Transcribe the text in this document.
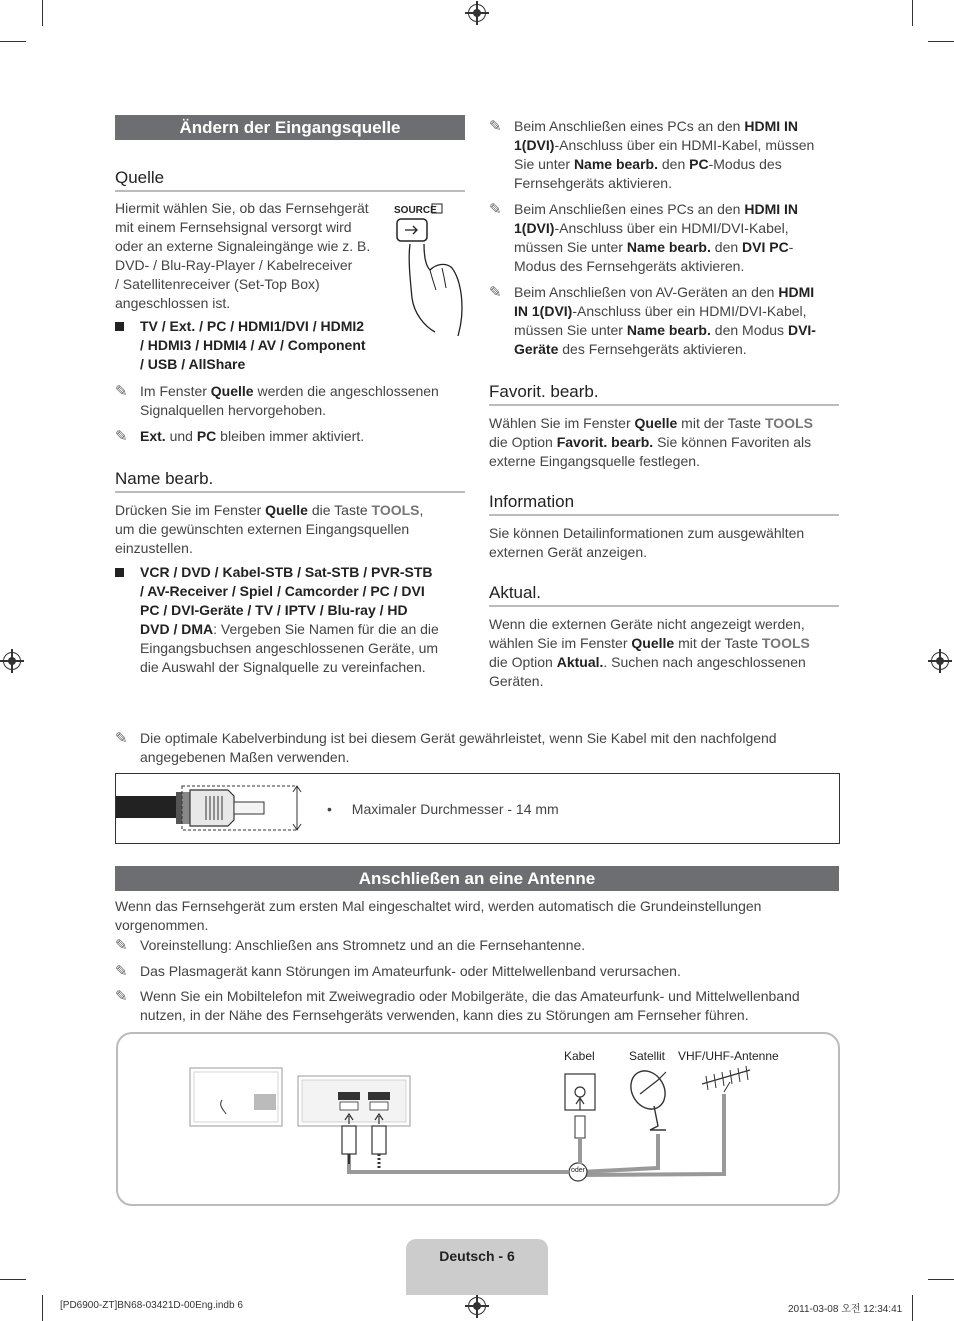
Ändern der Eingangsquelle
Quelle
Hiermit wählen Sie, ob das Fernsehgerät
mit einem Fernsehsignal versorgt wird
oder an externe Signaleingänge wie z. B.
DVD- / Blu-Ray-Player / Kabelreceiver
/ Satellitenreceiver (Set-Top Box)
angeschlossen ist.
SOURCE
TV / Ext. / PC / HDMI1/DVI / HDMI2
/ HDMI3 / HDMI4 / AV / Component
/ USB / AllShare
✎ Im Fenster Quelle werden die angeschlossenen
Signalquellen hervorgehoben.
✎ Ext. und PC bleiben immer aktiviert.
Name bearb.
Drücken Sie im Fenster Quelle die Taste TOOLS,
um die gewünschten externen Eingangsquellen
einzustellen.
VCR / DVD / Kabel-STB / Sat-STB / PVR-STB
/ AV-Receiver / Spiel / Camcorder / PC / DVI
PC / DVI-Geräte / TV / IPTV / Blu-ray / HD
DVD / DMA: Vergeben Sie Namen für die an die
Eingangsbuchsen angeschlossenen Geräte, um
die Auswahl der Signalquelle zu vereinfachen.
✎ Beim Anschließen eines PCs an den HDMI IN
1(DVI)-Anschluss über ein HDMI-Kabel, müssen
Sie unter Name bearb. den PC-Modus des
Fernsehgeräts aktivieren.
✎ Beim Anschließen eines PCs an den HDMI IN
1(DVI)-Anschluss über ein HDMI/DVI-Kabel,
müssen Sie unter Name bearb. den DVI PC-
Modus des Fernsehgeräts aktivieren.
✎ Beim Anschließen von AV-Geräten an den HDMI
IN 1(DVI)-Anschluss über ein HDMI/DVI-Kabel,
müssen Sie unter Name bearb. den Modus DVI-
Geräte des Fernsehgeräts aktivieren.
Favorit. bearb.
Wählen Sie im Fenster Quelle mit der Taste TOOLS
die Option Favorit. bearb. Sie können Favoriten als
externe Eingangsquelle festlegen.
Information
Sie können Detailinformationen zum ausgewählten
externen Gerät anzeigen.
Aktual.
Wenn die externen Geräte nicht angezeigt werden,
wählen Sie im Fenster Quelle mit der Taste TOOLS
die Option Aktual.. Suchen nach angeschlossenen
Geräten.
✎ Die optimale Kabelverbindung ist bei diesem Gerät gewährleistet, wenn Sie Kabel mit den nachfolgend
angegebenen Maßen verwenden.
• Maximaler Durchmesser - 14 mm
Anschließen an eine Antenne
Wenn das Fernsehgerät zum ersten Mal eingeschaltet wird, werden automatisch die Grundeinstellungen
vorgenommen.
✎ Voreinstellung: Anschließen ans Stromnetz und an die Fernsehantenne.
✎ Das Plasmagerät kann Störungen im Amateurfunk- oder Mittelwellenband verursachen.
✎ Wenn Sie ein Mobiltelefon mit Zweiwegradio oder Mobilgeräte, die das Amateurfunk- und Mittelwellenband
nutzen, in der Nähe des Fernsehgeräts verwenden, kann dies zu Störungen am Fernseher führen.
Kabel	Satellit VHF/UHF-Antenne
oder
Deutsch - 6
[PD6900-ZT]BN68-03421D-00Eng.indb 6	2011-03-08 오전 12:34:41
